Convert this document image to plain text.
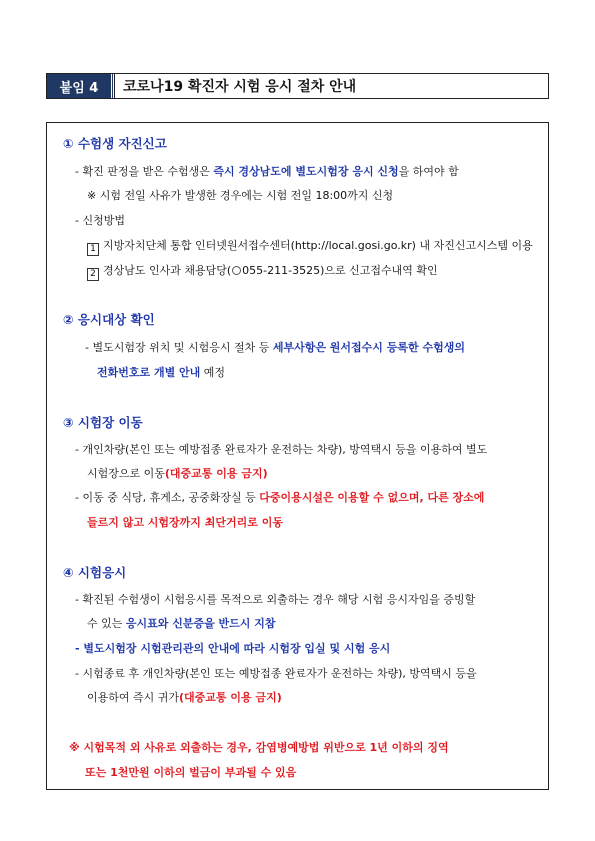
붙임 4	코로나19 확진자 시험 응시 절차 안내
① 수험생 자진신고
- 확진 판정을 받은 수험생은 즉시 경상남도에 별도시험장 응시 신청을 하여야 함
※ 시험 전일 사유가 발생한 경우에는 시험 전일 18:00까지 신청
- 신청방법
1 지방자치단체 통합 인터넷원서접수센터(http://local.gosi.go.kr) 내 자진신고시스템 이용
2 경상남도 인사과 채용담당( 055-211-3525)으로 신고접수내역 확인
② 응시대상 확인
- 별도시험장 위치 및 시험응시 절차 등 세부사항은 원서접수시 등록한 수험생의
전화번호로 개별 안내 예정
③ 시험장 이동
- 개인차량(본인 또는 예방접종 완료자가 운전하는 차량), 방역택시 등을 이용하여 별도
시험장으로 이동(대중교통 이용 금지)
- 이동 중 식당, 휴게소, 공중화장실 등 다중이용시설은 이용할 수 없으며, 다른 장소에
들르지 않고 시험장까지 최단거리로 이동
④ 시험응시
- 확진된 수험생이 시험응시를 목적으로 외출하는 경우 해당 시험 응시자임을 증빙할
수 있는 응시표와 신분증을 반드시 지참
- 별도시험장 시험관리관의 안내에 따라 시험장 입실 및 시험 응시
- 시험종료 후 개인차량(본인 또는 예방접종 완료자가 운전하는 차량), 방역택시 등을
이용하여 즉시 귀가(대중교통 이용 금지)
※ 시험목적 외 사유로 외출하는 경우, 감염병예방법 위반으로 1년 이하의 징역
또는 1천만원 이하의 벌금이 부과될 수 있음
